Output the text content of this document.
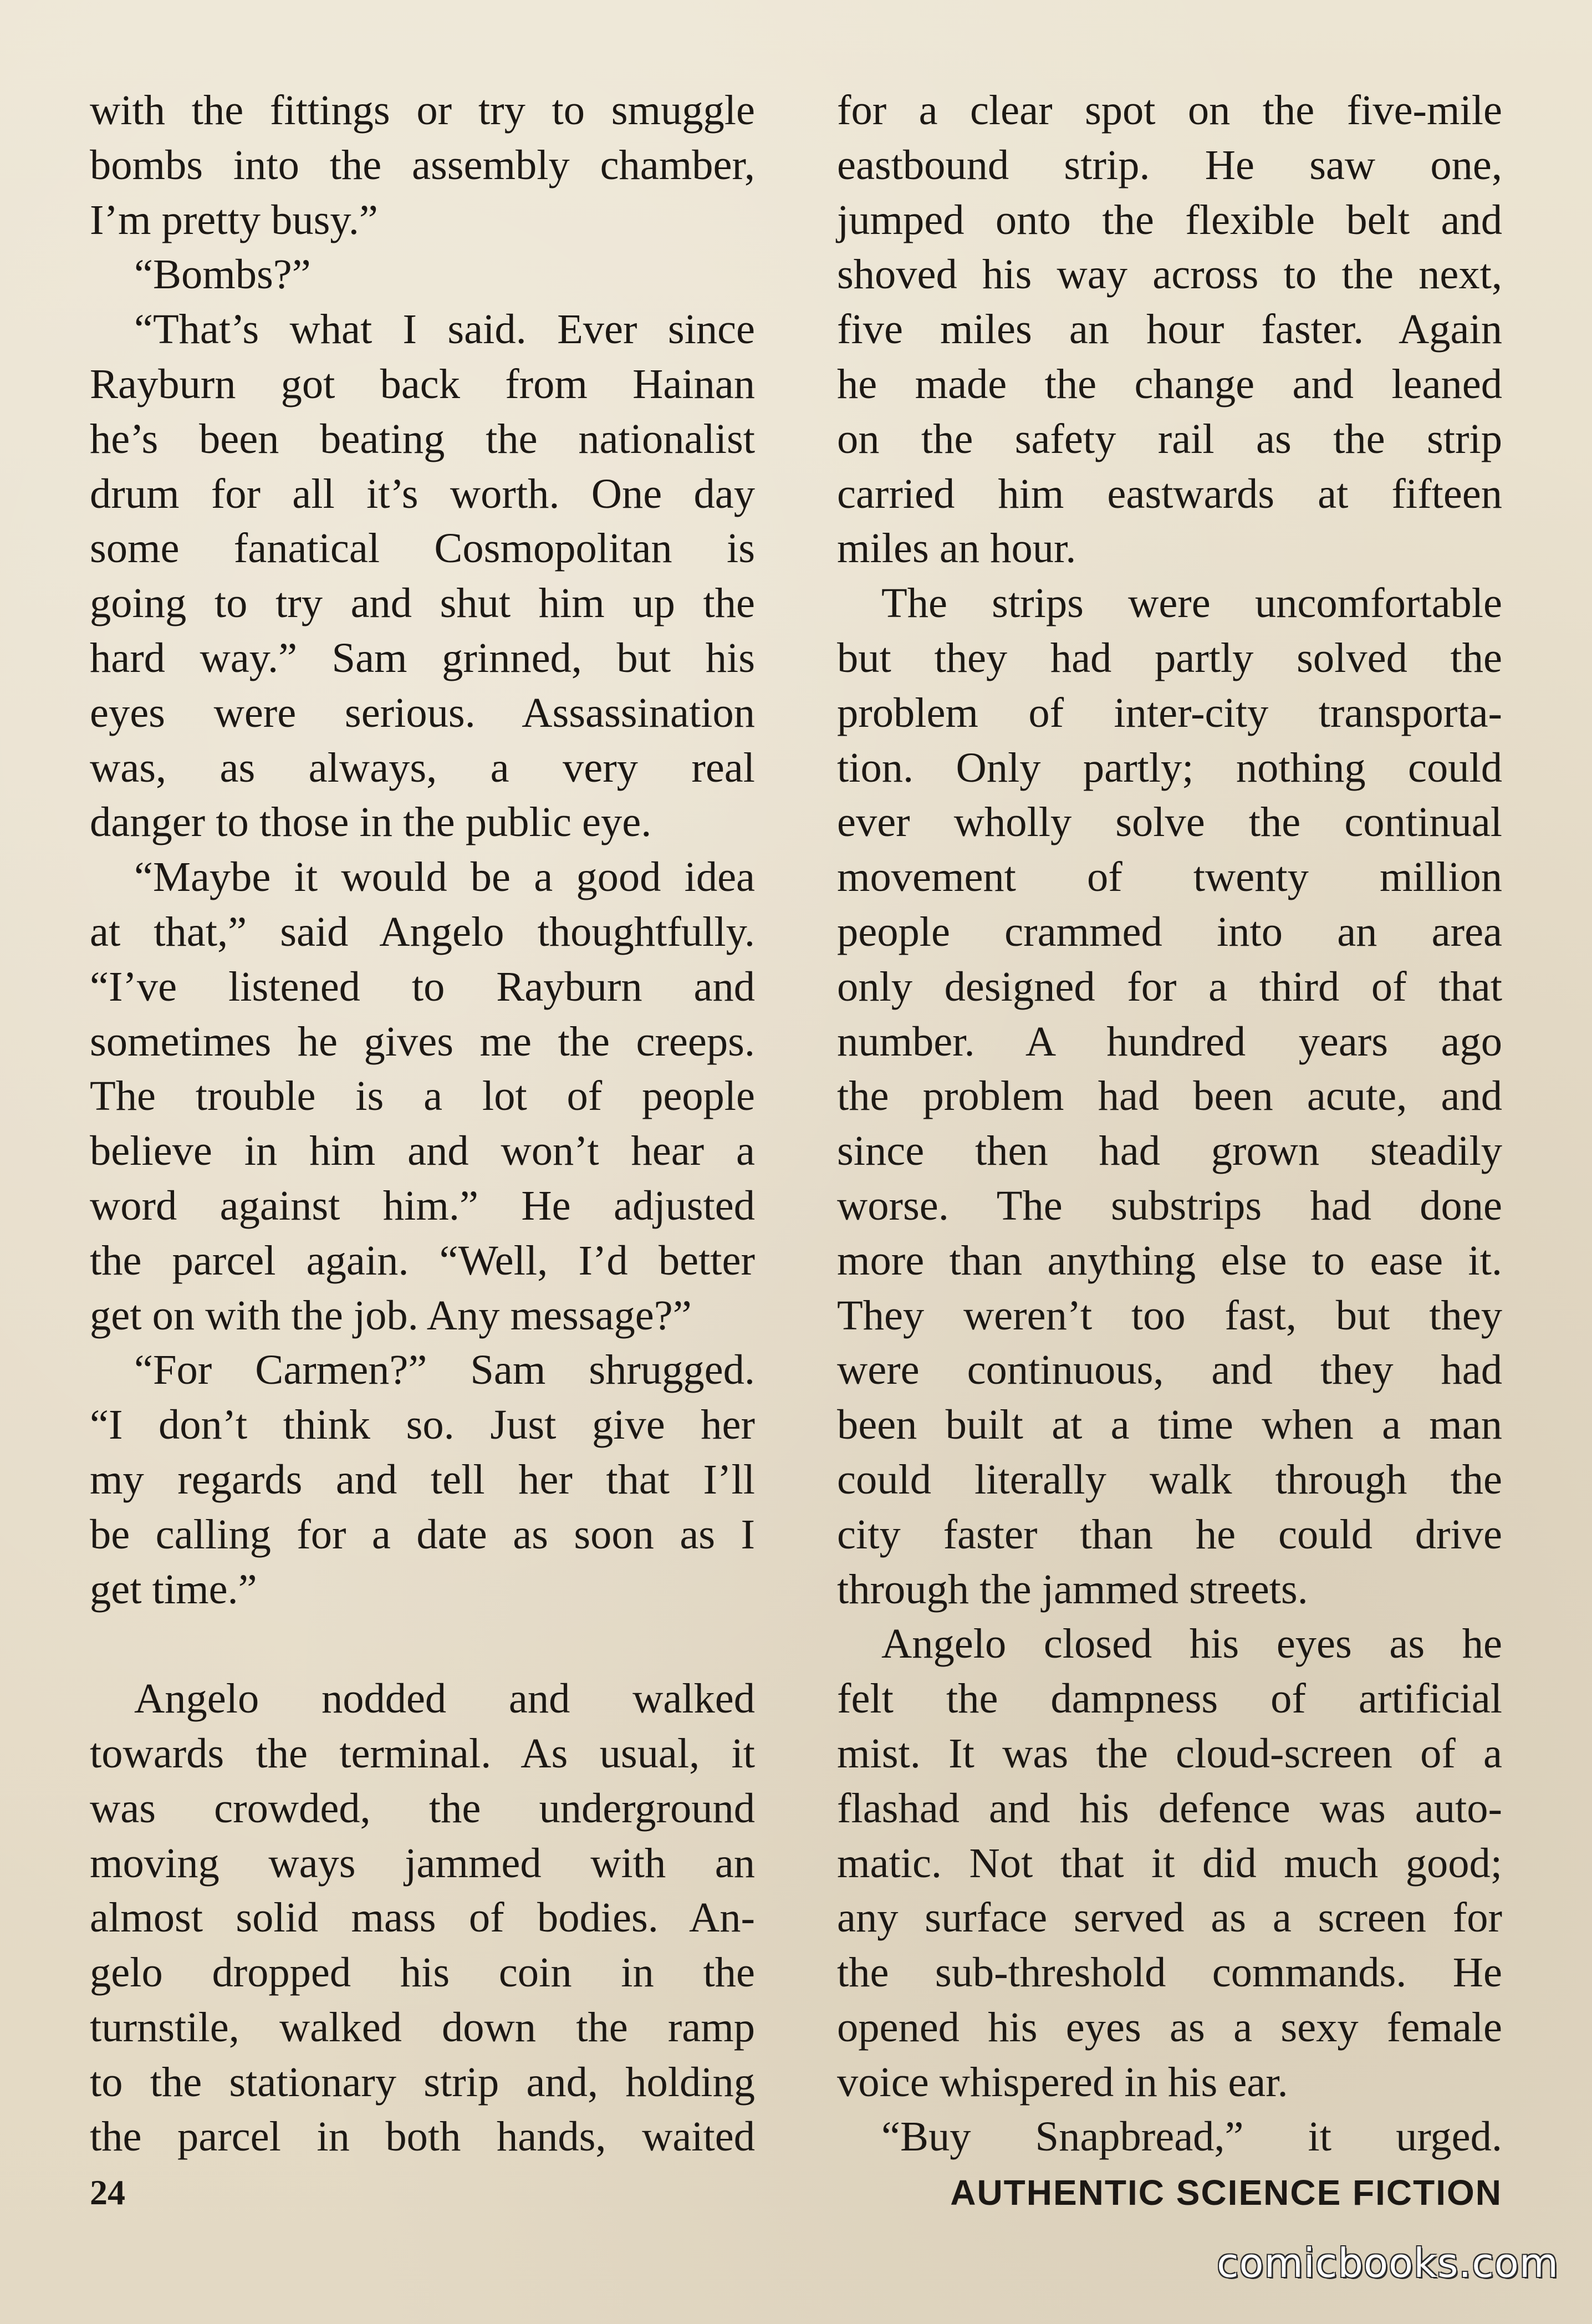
with the fittings or try to smuggle
bombs into the assembly chamber,
I’m pretty busy.”
“Bombs?”
“That’s what I said. Ever since
Rayburn got back from Hainan
he’s been beating the nationalist
drum for all it’s worth. One day
some fanatical Cosmopolitan is
going to try and shut him up the
hard way.” Sam grinned, but his
eyes were serious. Assassination
was, as always, a very real
danger to those in the public eye.
“Maybe it would be a good idea
at that,” said Angelo thoughtfully.
“I’ve listened to Rayburn and
sometimes he gives me the creeps.
The trouble is a lot of people
believe in him and won’t hear a
word against him.” He adjusted
the parcel again. “Well, I’d better
get on with the job. Any message?”
“For Carmen?” Sam shrugged.
“I don’t think so. Just give her
my regards and tell her that I’ll
be calling for a date as soon as I
get time.”
Angelo nodded and walked
towards the terminal. As usual, it
was crowded, the underground
moving ways jammed with an
almost solid mass of bodies. An-
gelo dropped his coin in the
turnstile, walked down the ramp
to the stationary strip and, holding
the parcel in both hands, waited
for a clear spot on the five-mile
eastbound strip. He saw one,
jumped onto the flexible belt and
shoved his way across to the next,
five miles an hour faster. Again
he made the change and leaned
on the safety rail as the strip
carried him eastwards at fifteen
miles an hour.
The strips were uncomfortable
but they had partly solved the
problem of inter-city transporta-
tion. Only partly; nothing could
ever wholly solve the continual
movement of twenty million
people crammed into an area
only designed for a third of that
number. A hundred years ago
the problem had been acute, and
since then had grown steadily
worse. The substrips had done
more than anything else to ease it.
They weren’t too fast, but they
were continuous, and they had
been built at a time when a man
could literally walk through the
city faster than he could drive
through the jammed streets.
Angelo closed his eyes as he
felt the dampness of artificial
mist. It was the cloud-screen of a
flashad and his defence was auto-
matic. Not that it did much good;
any surface served as a screen for
the sub-threshold commands. He
opened his eyes as a sexy female
voice whispered in his ear.
“Buy Snapbread,” it urged.
24	AUTHENTIC SCIENCE FICTION
comicbooks.com
